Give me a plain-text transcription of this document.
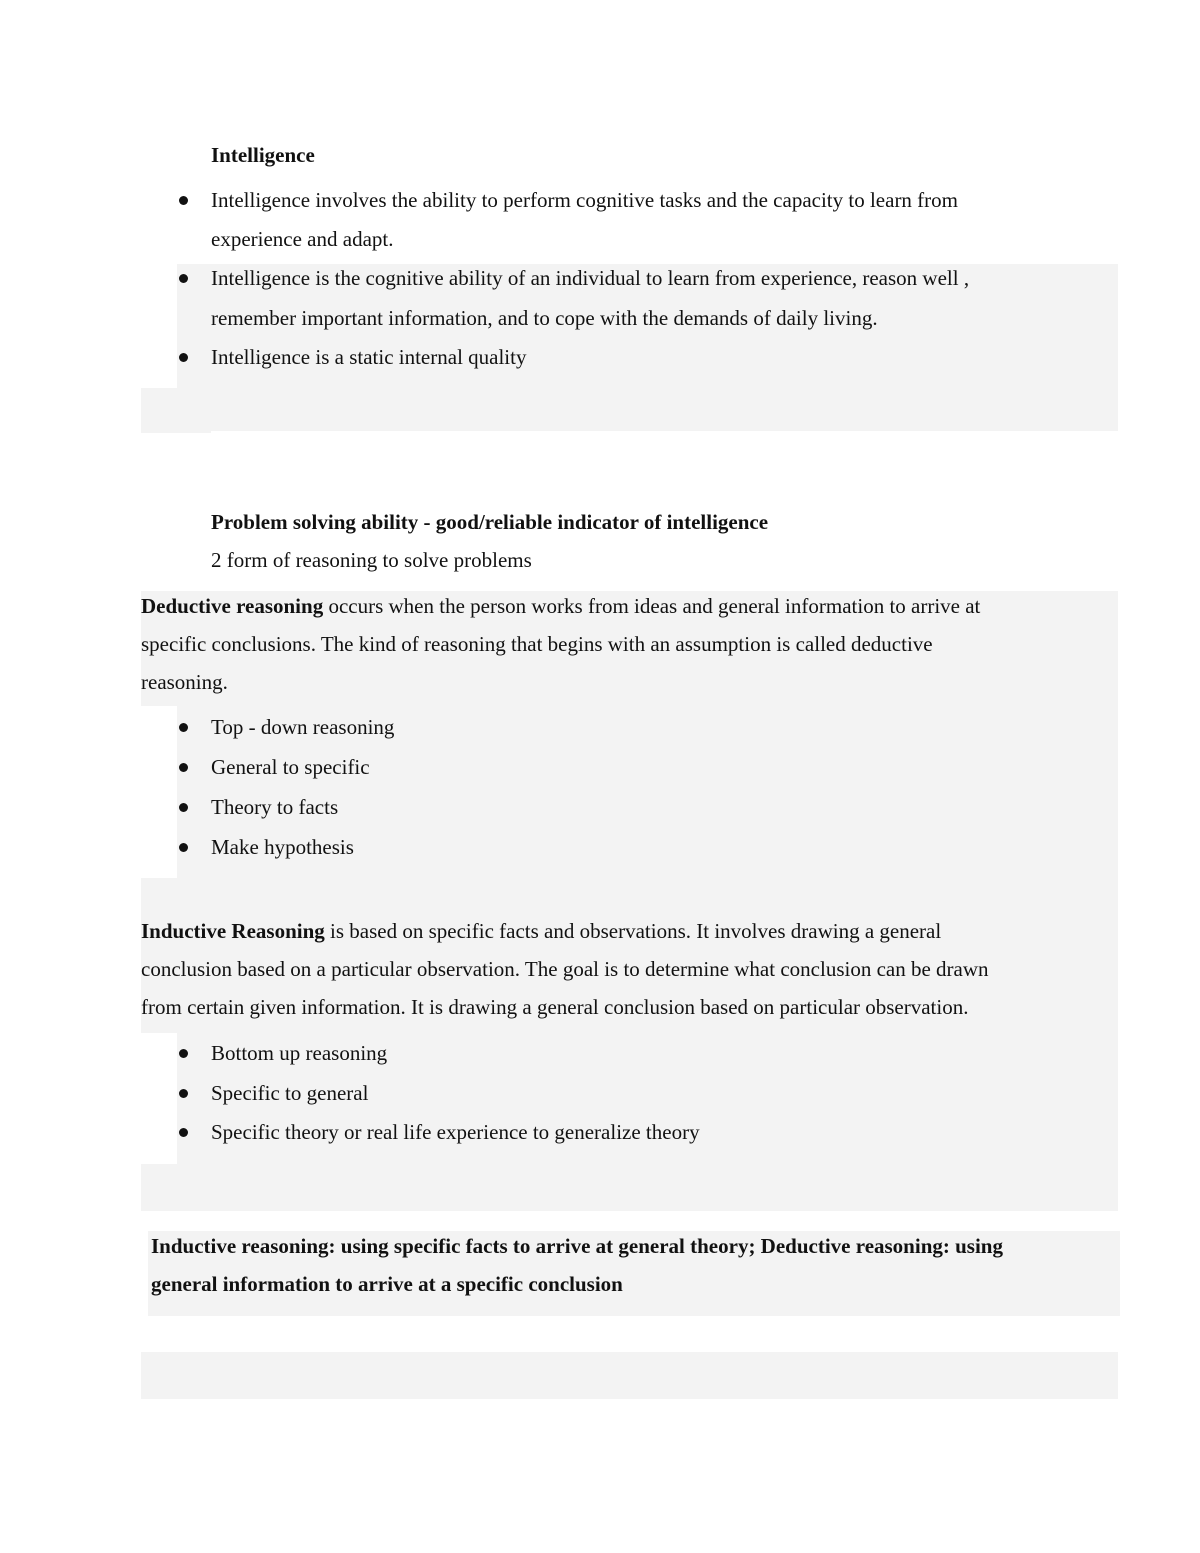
Intelligence
Intelligence involves the ability to perform cognitive tasks and the capacity to learn from
experience and adapt.
Intelligence is the cognitive ability of an individual to learn from experience, reason well ,
remember important information, and to cope with the demands of daily living.
Intelligence is a static internal quality
Problem solving ability - good/reliable indicator of intelligence
2 form of reasoning to solve problems
Deductive reasoning occurs when the person works from ideas and general information to arrive at
specific conclusions. The kind of reasoning that begins with an assumption is called deductive
reasoning.
Top - down reasoning
General to specific
Theory to facts
Make hypothesis
Inductive Reasoning is based on specific facts and observations. It involves drawing a general
conclusion based on a particular observation. The goal is to determine what conclusion can be drawn
from certain given information. It is drawing a general conclusion based on particular observation.
Bottom up reasoning
Specific to general
Specific theory or real life experience to generalize theory
Inductive reasoning: using specific facts to arrive at general theory; Deductive reasoning: using
general information to arrive at a specific conclusion
